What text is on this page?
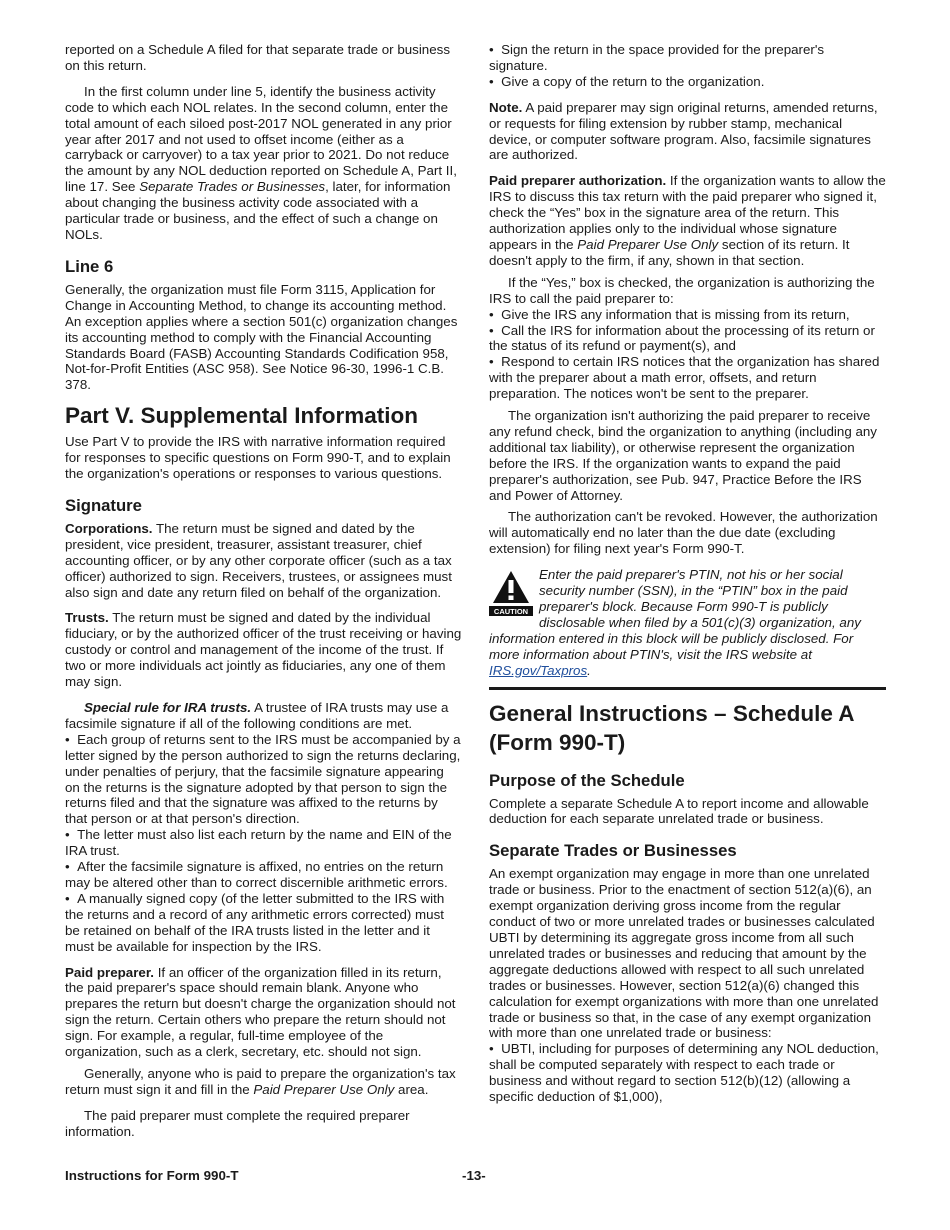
reported on a Schedule A filed for that separate trade or business on this return.

In the first column under line 5, identify the business activity code to which each NOL relates. In the second column, enter the total amount of each siloed post-2017 NOL generated in any prior year after 2017 and not used to offset income (either as a carryback or carryover) to a tax year prior to 2021. Do not reduce the amount by any NOL deduction reported on Schedule A, Part II, line 17. See Separate Trades or Businesses, later, for information about changing the business activity code associated with a particular trade or business, and the effect of such a change on NOLs.

Line 6

Generally, the organization must file Form 3115, Application for Change in Accounting Method, to change its accounting method. An exception applies where a section 501(c) organization changes its accounting method to comply with the Financial Accounting Standards Board (FASB) Accounting Standards Codification 958, Not-for-Profit Entities (ASC 958). See Notice 96-30, 1996-1 C.B. 378.

Part V. Supplemental Information

Use Part V to provide the IRS with narrative information required for responses to specific questions on Form 990-T, and to explain the organization's operations or responses to various questions.

Signature

Corporations. The return must be signed and dated by the president, vice president, treasurer, assistant treasurer, chief accounting officer, or by any other corporate officer (such as a tax officer) authorized to sign. Receivers, trustees, or assignees must also sign and date any return filed on behalf of the organization.

Trusts. The return must be signed and dated by the individual fiduciary, or by the authorized officer of the trust receiving or having custody or control and management of the income of the trust. If two or more individuals act jointly as fiduciaries, any one of them may sign.

Special rule for IRA trusts. A trustee of IRA trusts may use a facsimile signature if all of the following conditions are met.

•  Each group of returns sent to the IRS must be accompanied by a letter signed by the person authorized to sign the returns declaring, under penalties of perjury, that the facsimile signature appearing on the returns is the signature adopted by that person to sign the returns filed and that the signature was affixed to the returns by that person or at that person's direction.

•  The letter must also list each return by the name and EIN of the IRA trust.

•  After the facsimile signature is affixed, no entries on the return may be altered other than to correct discernible arithmetic errors.

•  A manually signed copy (of the letter submitted to the IRS with the returns and a record of any arithmetic errors corrected) must be retained on behalf of the IRA trusts listed in the letter and it must be available for inspection by the IRS.

Paid preparer. If an officer of the organization filled in its return, the paid preparer's space should remain blank. Anyone who prepares the return but doesn't charge the organization should not sign the return. Certain others who prepare the return should not sign. For example, a regular, full-time employee of the organization, such as a clerk, secretary, etc. should not sign.

Generally, anyone who is paid to prepare the organization's tax return must sign it and fill in the Paid Preparer Use Only area.

The paid preparer must complete the required preparer information.

•  Sign the return in the space provided for the preparer's signature.

•  Give a copy of the return to the organization.

Note. A paid preparer may sign original returns, amended returns, or requests for filing extension by rubber stamp, mechanical device, or computer software program. Also, facsimile signatures are authorized.

Paid preparer authorization. If the organization wants to allow the IRS to discuss this tax return with the paid preparer who signed it, check the “Yes” box in the signature area of the return. This authorization applies only to the individual whose signature appears in the Paid Preparer Use Only section of its return. It doesn't apply to the firm, if any, shown in that section.

If the “Yes,” box is checked, the organization is authorizing the IRS to call the paid preparer to:

•  Give the IRS any information that is missing from its return,

•  Call the IRS for information about the processing of its return or the status of its refund or payment(s), and

•  Respond to certain IRS notices that the organization has shared with the preparer about a math error, offsets, and return preparation. The notices won't be sent to the preparer.

The organization isn't authorizing the paid preparer to receive any refund check, bind the organization to anything (including any additional tax liability), or otherwise represent the organization before the IRS. If the organization wants to expand the paid preparer's authorization, see Pub. 947, Practice Before the IRS and Power of Attorney.

The authorization can't be revoked. However, the authorization will automatically end no later than the due date (excluding extension) for filing next year's Form 990-T.

CAUTION

Enter the paid preparer's PTIN, not his or her social security number (SSN), in the “PTIN” box in the paid preparer's block. Because Form 990-T is publicly disclosable when filed by a 501(c)(3) organization, any information entered in this block will be publicly disclosed. For more information about PTIN's, visit the IRS website at IRS.gov/Taxpros.

General Instructions – Schedule A (Form 990-T)
Purpose of the Schedule

Complete a separate Schedule A to report income and allowable deduction for each separate unrelated trade or business.

Separate Trades or Businesses

An exempt organization may engage in more than one unrelated trade or business. Prior to the enactment of section 512(a)(6), an exempt organization deriving gross income from the regular conduct of two or more unrelated trades or businesses calculated UBTI by determining its aggregate gross income from all such unrelated trades or businesses and reducing that amount by the aggregate deductions allowed with respect to all such unrelated trades or businesses. However, section 512(a)(6) changed this calculation for exempt organizations with more than one unrelated trade or business so that, in the case of any exempt organization with more than one unrelated trade or business:

•  UBTI, including for purposes of determining any NOL deduction, shall be computed separately with respect to each trade or business and without regard to section 512(b)(12) (allowing a specific deduction of $1,000),

Instructions for Form 990-T	-13-
